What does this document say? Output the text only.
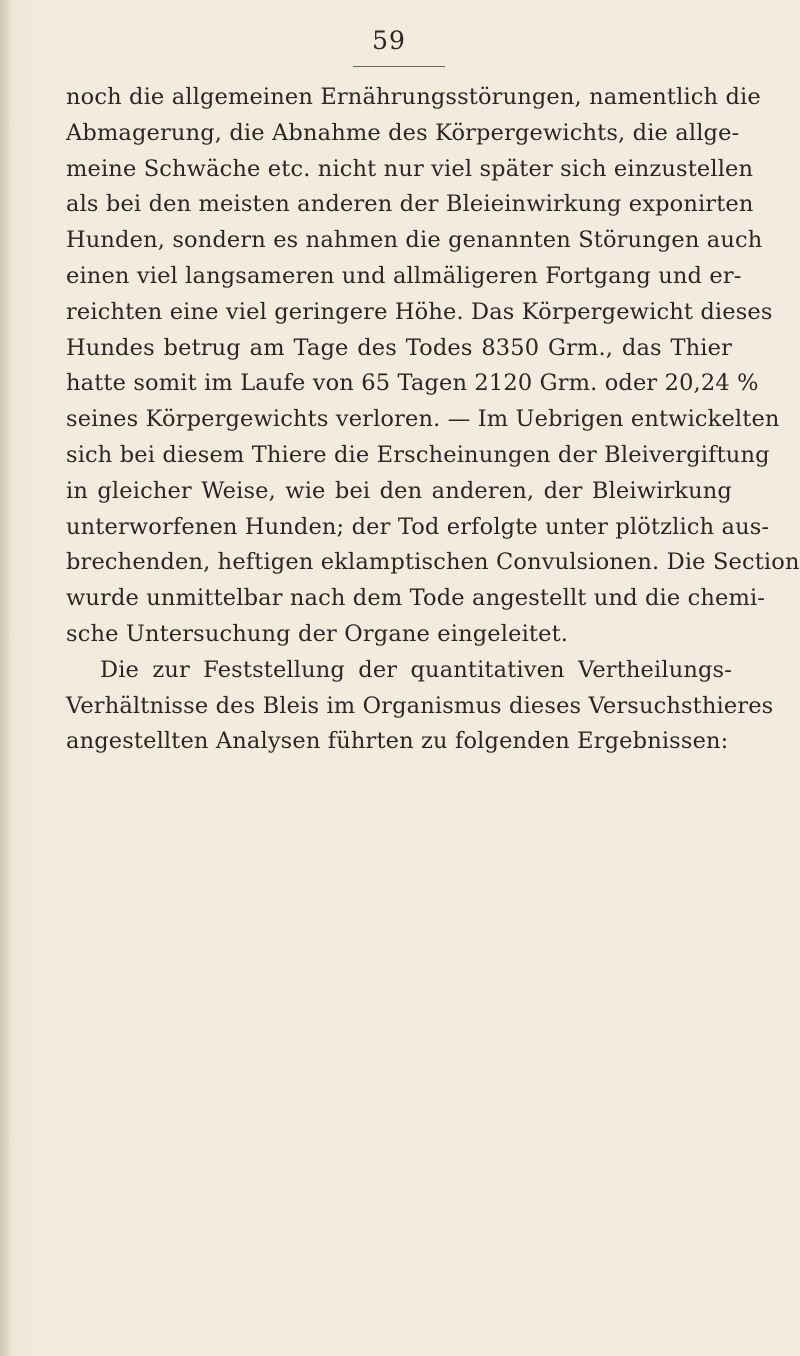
59
noch die allgemeinen Ernährungsstörungen, namentlich die
Abmagerung, die Abnahme des Körpergewichts, die allge-
meine Schwäche etc. nicht nur viel später sich einzustellen
als bei den meisten anderen der Bleieinwirkung exponirten
Hunden, sondern es nahmen die genannten Störungen auch
einen viel langsameren und allmäligeren Fortgang und er-
reichten eine viel geringere Höhe. Das Körpergewicht dieses
Hundes betrug am Tage des Todes 8350 Grm., das Thier
hatte somit im Laufe von 65 Tagen 2120 Grm. oder 20,24 %
seines Körpergewichts verloren. — Im Uebrigen entwickelten
sich bei diesem Thiere die Erscheinungen der Bleivergiftung
in gleicher Weise, wie bei den anderen, der Bleiwirkung
unterworfenen Hunden; der Tod erfolgte unter plötzlich aus-
brechenden, heftigen eklamptischen Convulsionen. Die Section
wurde unmittelbar nach dem Tode angestellt und die chemi-
sche Untersuchung der Organe eingeleitet.
Die zur Feststellung der quantitativen Vertheilungs-
Verhältnisse des Bleis im Organismus dieses Versuchsthieres
angestellten Analysen führten zu folgenden Ergebnissen:
